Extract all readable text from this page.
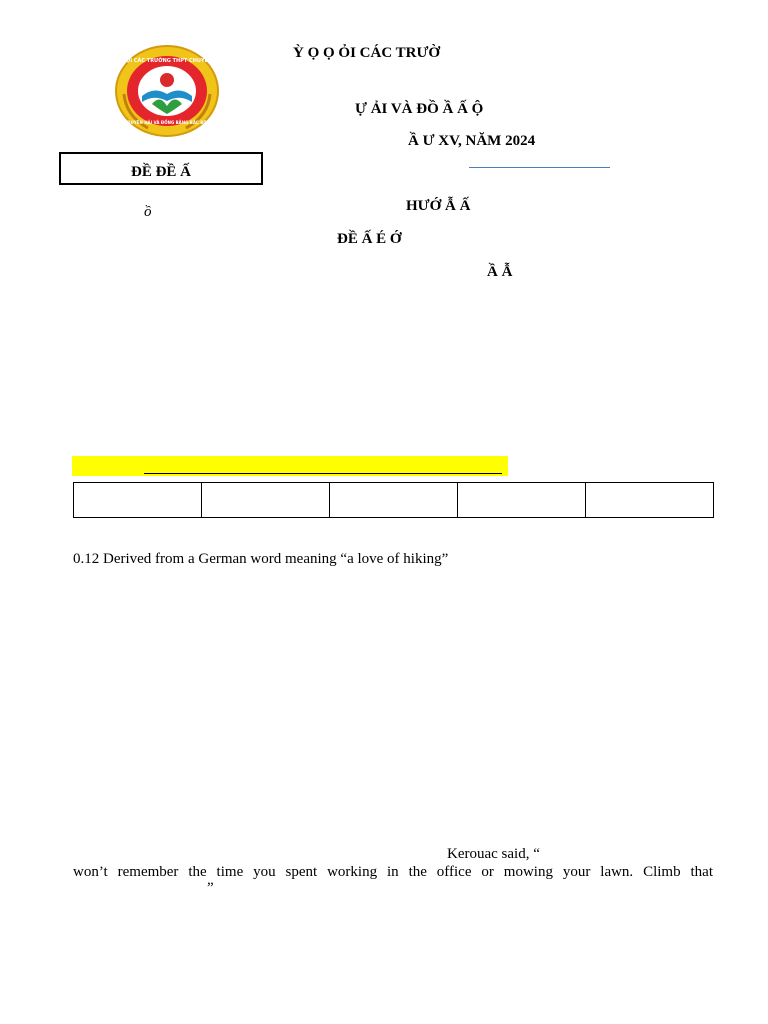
HỘI CÁC TRƯỜNG THPT CHUYÊN
DUYÊN HẢI VÀ ĐỒNG BẰNG BẮC BỘ
Ỳ Ọ Ọ ỎI CÁC TRƯỜ
Ự ẢI VÀ ĐỒ Ầ Ấ Ộ
Ầ Ư XV, NĂM 2024
ĐỀ ĐỀ Ấ
ồ	HƯỚ Ẫ Ấ
ĐỀ Ấ É Ớ
Ầ Ẫ

0.12 Derived from a German word meaning “a love of hiking”
Kerouac said, “
won’t remember the time you spent working in the office or mowing your lawn. Climb that
”
